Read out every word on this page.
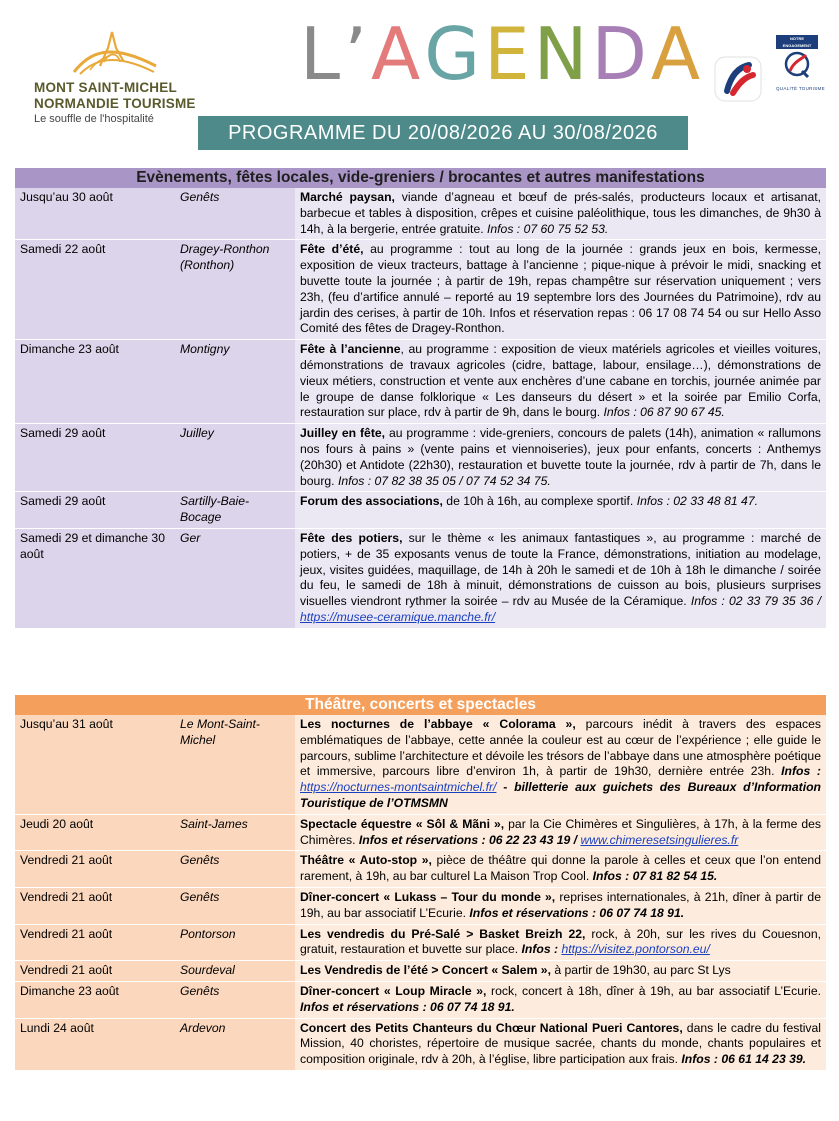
MONT SAINT-MICHEL
NORMANDIE TOURISME
Le souffle de l'hospitalité
L’AGENDA
PROGRAMME DU 20/08/2026 AU 30/08/2026
NOTRE ENGAGEMENT
QUALITÉ TOURISME
Evènements, fêtes locales, vide-greniers / brocantes et autres manifestations
Jusqu’au 30 août	Genêts	Marché paysan, viande d’agneau et bœuf de prés-salés, producteurs locaux et artisanat, barbecue et tables à disposition, crêpes et cuisine paléolithique, tous les dimanches, de 9h30 à 14h, à la bergerie, entrée gratuite. Infos : 07 60 75 52 53.
Samedi 22 août	Dragey-Ronthon (Ronthon)	Fête d’été, au programme : tout au long de la journée : grands jeux en bois, kermesse, exposition de vieux tracteurs, battage à l’ancienne ; pique-nique à prévoir le midi, snacking et buvette toute la journée ; à partir de 19h, repas champêtre sur réservation uniquement ; vers 23h, (feu d’artifice annulé – reporté au 19 septembre lors des Journées du Patrimoine), rdv au jardin des cerises, à partir de 10h. Infos et réservation repas : 06 17 08 74 54 ou sur Hello Asso Comité des fêtes de Dragey-Ronthon.
Dimanche 23 août	Montigny	Fête à l’ancienne, au programme : exposition de vieux matériels agricoles et vieilles voitures, démonstrations de travaux agricoles (cidre, battage, labour, ensilage…), démonstrations de vieux métiers, construction et vente aux enchères d’une cabane en torchis, journée animée par le groupe de danse folklorique « Les danseurs du désert » et la soirée par Emilio Corfa, restauration sur place, rdv à partir de 9h, dans le bourg. Infos : 06 87 90 67 45.
Samedi 29 août	Juilley	Juilley en fête, au programme : vide-greniers, concours de palets (14h), animation « rallumons nos fours à pains » (vente pains et viennoiseries), jeux pour enfants, concerts : Anthemys (20h30) et Antidote (22h30), restauration et buvette toute la journée, rdv à partir de 7h, dans le bourg. Infos : 07 82 38 35 05 / 07 74 52 34 75.
Samedi 29 août	Sartilly-Baie-Bocage	Forum des associations, de 10h à 16h, au complexe sportif. Infos : 02 33 48 81 47.
Samedi 29 et dimanche 30 août	Ger	Fête des potiers, sur le thème « les animaux fantastiques », au programme : marché de potiers, + de 35 exposants venus de toute la France, démonstrations, initiation au modelage, jeux, visites guidées, maquillage, de 14h à 20h le samedi et de 10h à 18h le dimanche / soirée du feu, le samedi de 18h à minuit, démonstrations de cuisson au bois, plusieurs surprises visuelles viendront rythmer la soirée – rdv au Musée de la Céramique. Infos : 02 33 79 35 36 / https://musee-ceramique.manche.fr/
Théâtre, concerts et spectacles
Jusqu’au 31 août	Le Mont-Saint-Michel	Les nocturnes de l’abbaye « Colorama », parcours inédit à travers des espaces emblématiques de l’abbaye, cette année la couleur est au cœur de l’expérience ; elle guide le parcours, sublime l’architecture et dévoile les trésors de l’abbaye dans une atmosphère poétique et immersive, parcours libre d’environ 1h, à partir de 19h30, dernière entrée 23h. Infos : https://nocturnes-montsaintmichel.fr/ - billetterie aux guichets des Bureaux d’Information Touristique de l’OTMSMN
Jeudi 20 août	Saint-James	Spectacle équestre « Sôl & Mãni », par la Cie Chimères et Singulières, à 17h, à la ferme des Chimères. Infos et réservations : 06 22 23 43 19 / www.chimeresetsingulieres.fr
Vendredi 21 août	Genêts	Théâtre « Auto-stop », pièce de théâtre qui donne la parole à celles et ceux que l’on entend rarement, à 19h, au bar culturel La Maison Trop Cool. Infos : 07 81 82 54 15.
Vendredi 21 août	Genêts	Dîner-concert « Lukass – Tour du monde », reprises internationales, à 21h, dîner à partir de 19h, au bar associatif L’Ecurie. Infos et réservations : 06 07 74 18 91.
Vendredi 21 août	Pontorson	Les vendredis du Pré-Salé > Basket Breizh 22, rock, à 20h, sur les rives du Couesnon, gratuit, restauration et buvette sur place. Infos : https://visitez.pontorson.eu/
Vendredi 21 août	Sourdeval	Les Vendredis de l’été > Concert « Salem », à partir de 19h30, au parc St Lys
Dimanche 23 août	Genêts	Dîner-concert « Loup Miracle », rock, concert à 18h, dîner à 19h, au bar associatif L’Ecurie. Infos et réservations : 06 07 74 18 91.
Lundi 24 août	Ardevon	Concert des Petits Chanteurs du Chœur National Pueri Cantores, dans le cadre du festival Mission, 40 choristes, répertoire de musique sacrée, chants du monde, chants populaires et composition originale, rdv à 20h, à l’église, libre participation aux frais. Infos : 06 61 14 23 39.
